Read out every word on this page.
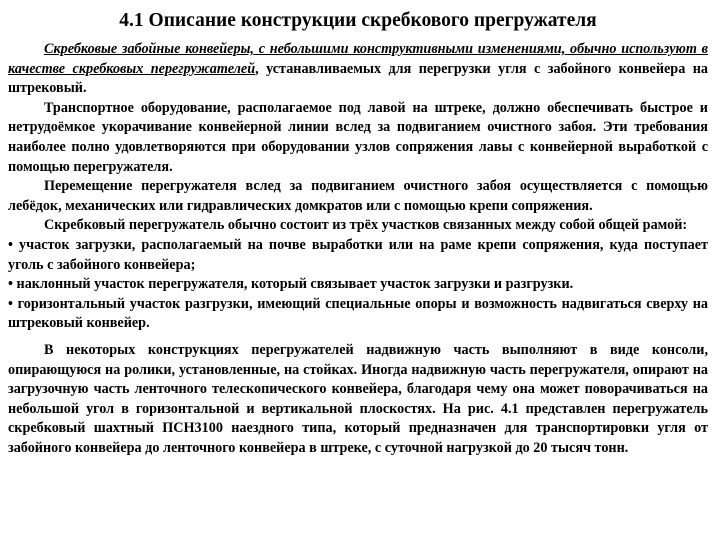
4.1 Описание конструкции скребкового прегружателя

Скребковые забойные конвейеры, с небольшими конструктивными изменениями, обычно используют в качестве скребковых перегружателей, устанавливаемых для перегрузки угля с забойного конвейера на штрековый.

Транспортное оборудование, располагаемое под лавой на штреке, должно обеспечивать быстрое и нетрудоёмкое укорачивание конвейерной линии вслед за подвиганием очистного забоя. Эти требования наиболее полно удовлетворяются при оборудовании узлов сопряжения лавы с конвейерной выработкой с помощью перегружателя.

Перемещение перегружателя вслед за подвиганием очистного забоя осуществляется с помощью лебёдок, механических или гидравлических домкратов или с помощью крепи сопряжения.

Скребковый перегружатель обычно состоит из трёх участков связанных между собой общей рамой:

• участок загрузки, располагаемый на почве выработки или на раме крепи сопряжения, куда поступает уголь с забойного конвейера;

• наклонный участок перегружателя, который связывает участок загрузки и разгрузки.

• горизонтальный участок разгрузки, имеющий специальные опоры и возможность надвигаться сверху на штрековый конвейер.

В некоторых конструкциях перегружателей надвижную часть выполняют в виде консоли, опирающуюся на ролики, установленные, на стойках. Иногда надвижную часть перегружателя, опирают на загрузочную часть ленточного телескопического конвейера, благодаря чему она может поворачиваться на небольшой угол в горизонтальной и вертикальной плоскостях. На рис. 4.1 представлен перегружатель скребковый шахтный ПСН3100 наездного типа, который предназначен для транспортировки угля от забойного конвейера до ленточного конвейера в штреке, с суточной нагрузкой до 20 тысяч тонн.
